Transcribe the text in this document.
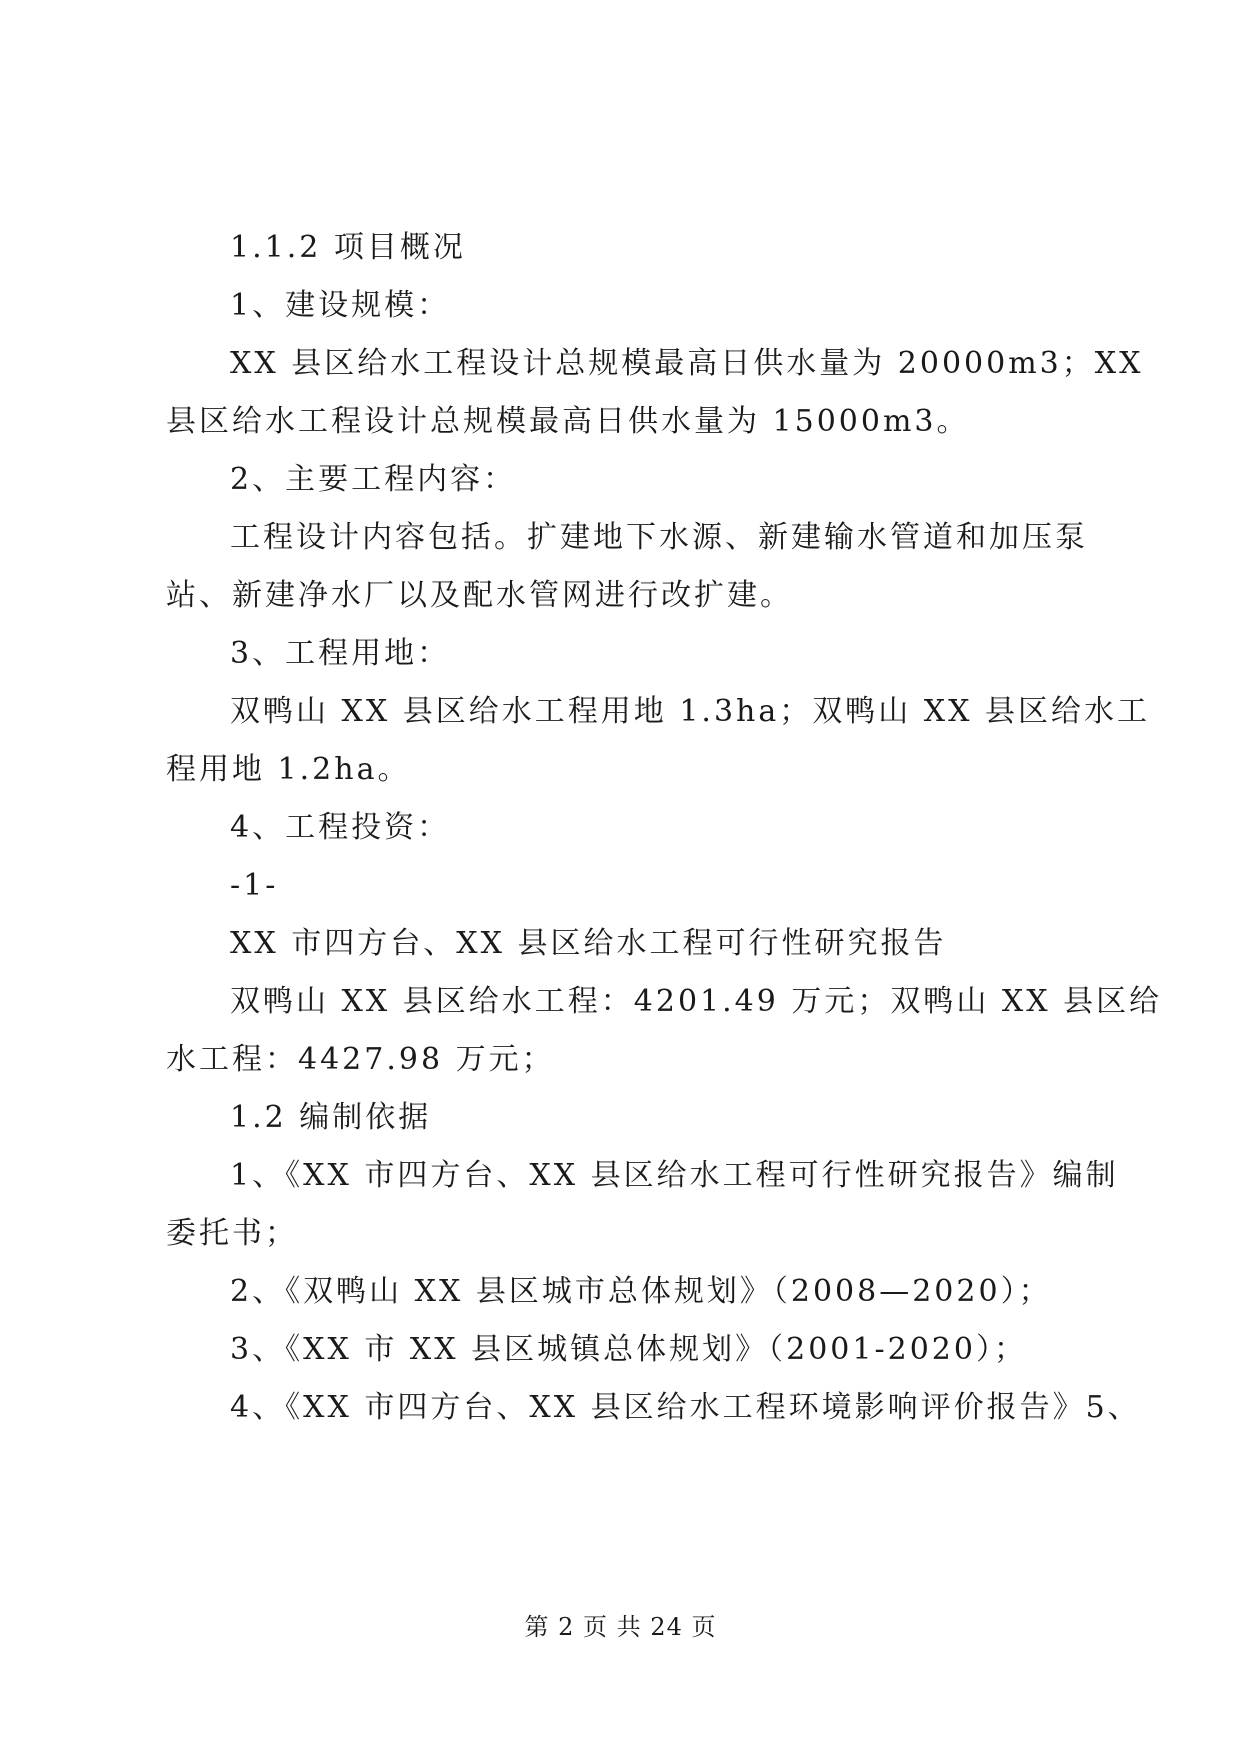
1.1.2 项目概况
1、建设规模：
XX 县区给水工程设计总规模最高日供水量为 20000m3；XX
县区给水工程设计总规模最高日供水量为 15000m3。
2、主要工程内容：
工程设计内容包括。扩建地下水源、新建输水管道和加压泵
站、新建净水厂以及配水管网进行改扩建。
3、工程用地：
双鸭山 XX 县区给水工程用地 1.3ha；双鸭山 XX 县区给水工
程用地 1.2ha。
4、工程投资：
-1-
XX 市四方台、XX 县区给水工程可行性研究报告
双鸭山 XX 县区给水工程：4201.49 万元；双鸭山 XX 县区给
水工程：4427.98 万元；
1.2 编制依据
1、《XX 市四方台、XX 县区给水工程可行性研究报告》编制
委托书；
2、《双鸭山 XX 县区城市总体规划》（2008—2020）；
3、《XX 市 XX 县区城镇总体规划》（2001-2020）；
4、《XX 市四方台、XX 县区给水工程环境影响评价报告》5、
第 2 页 共 24 页
